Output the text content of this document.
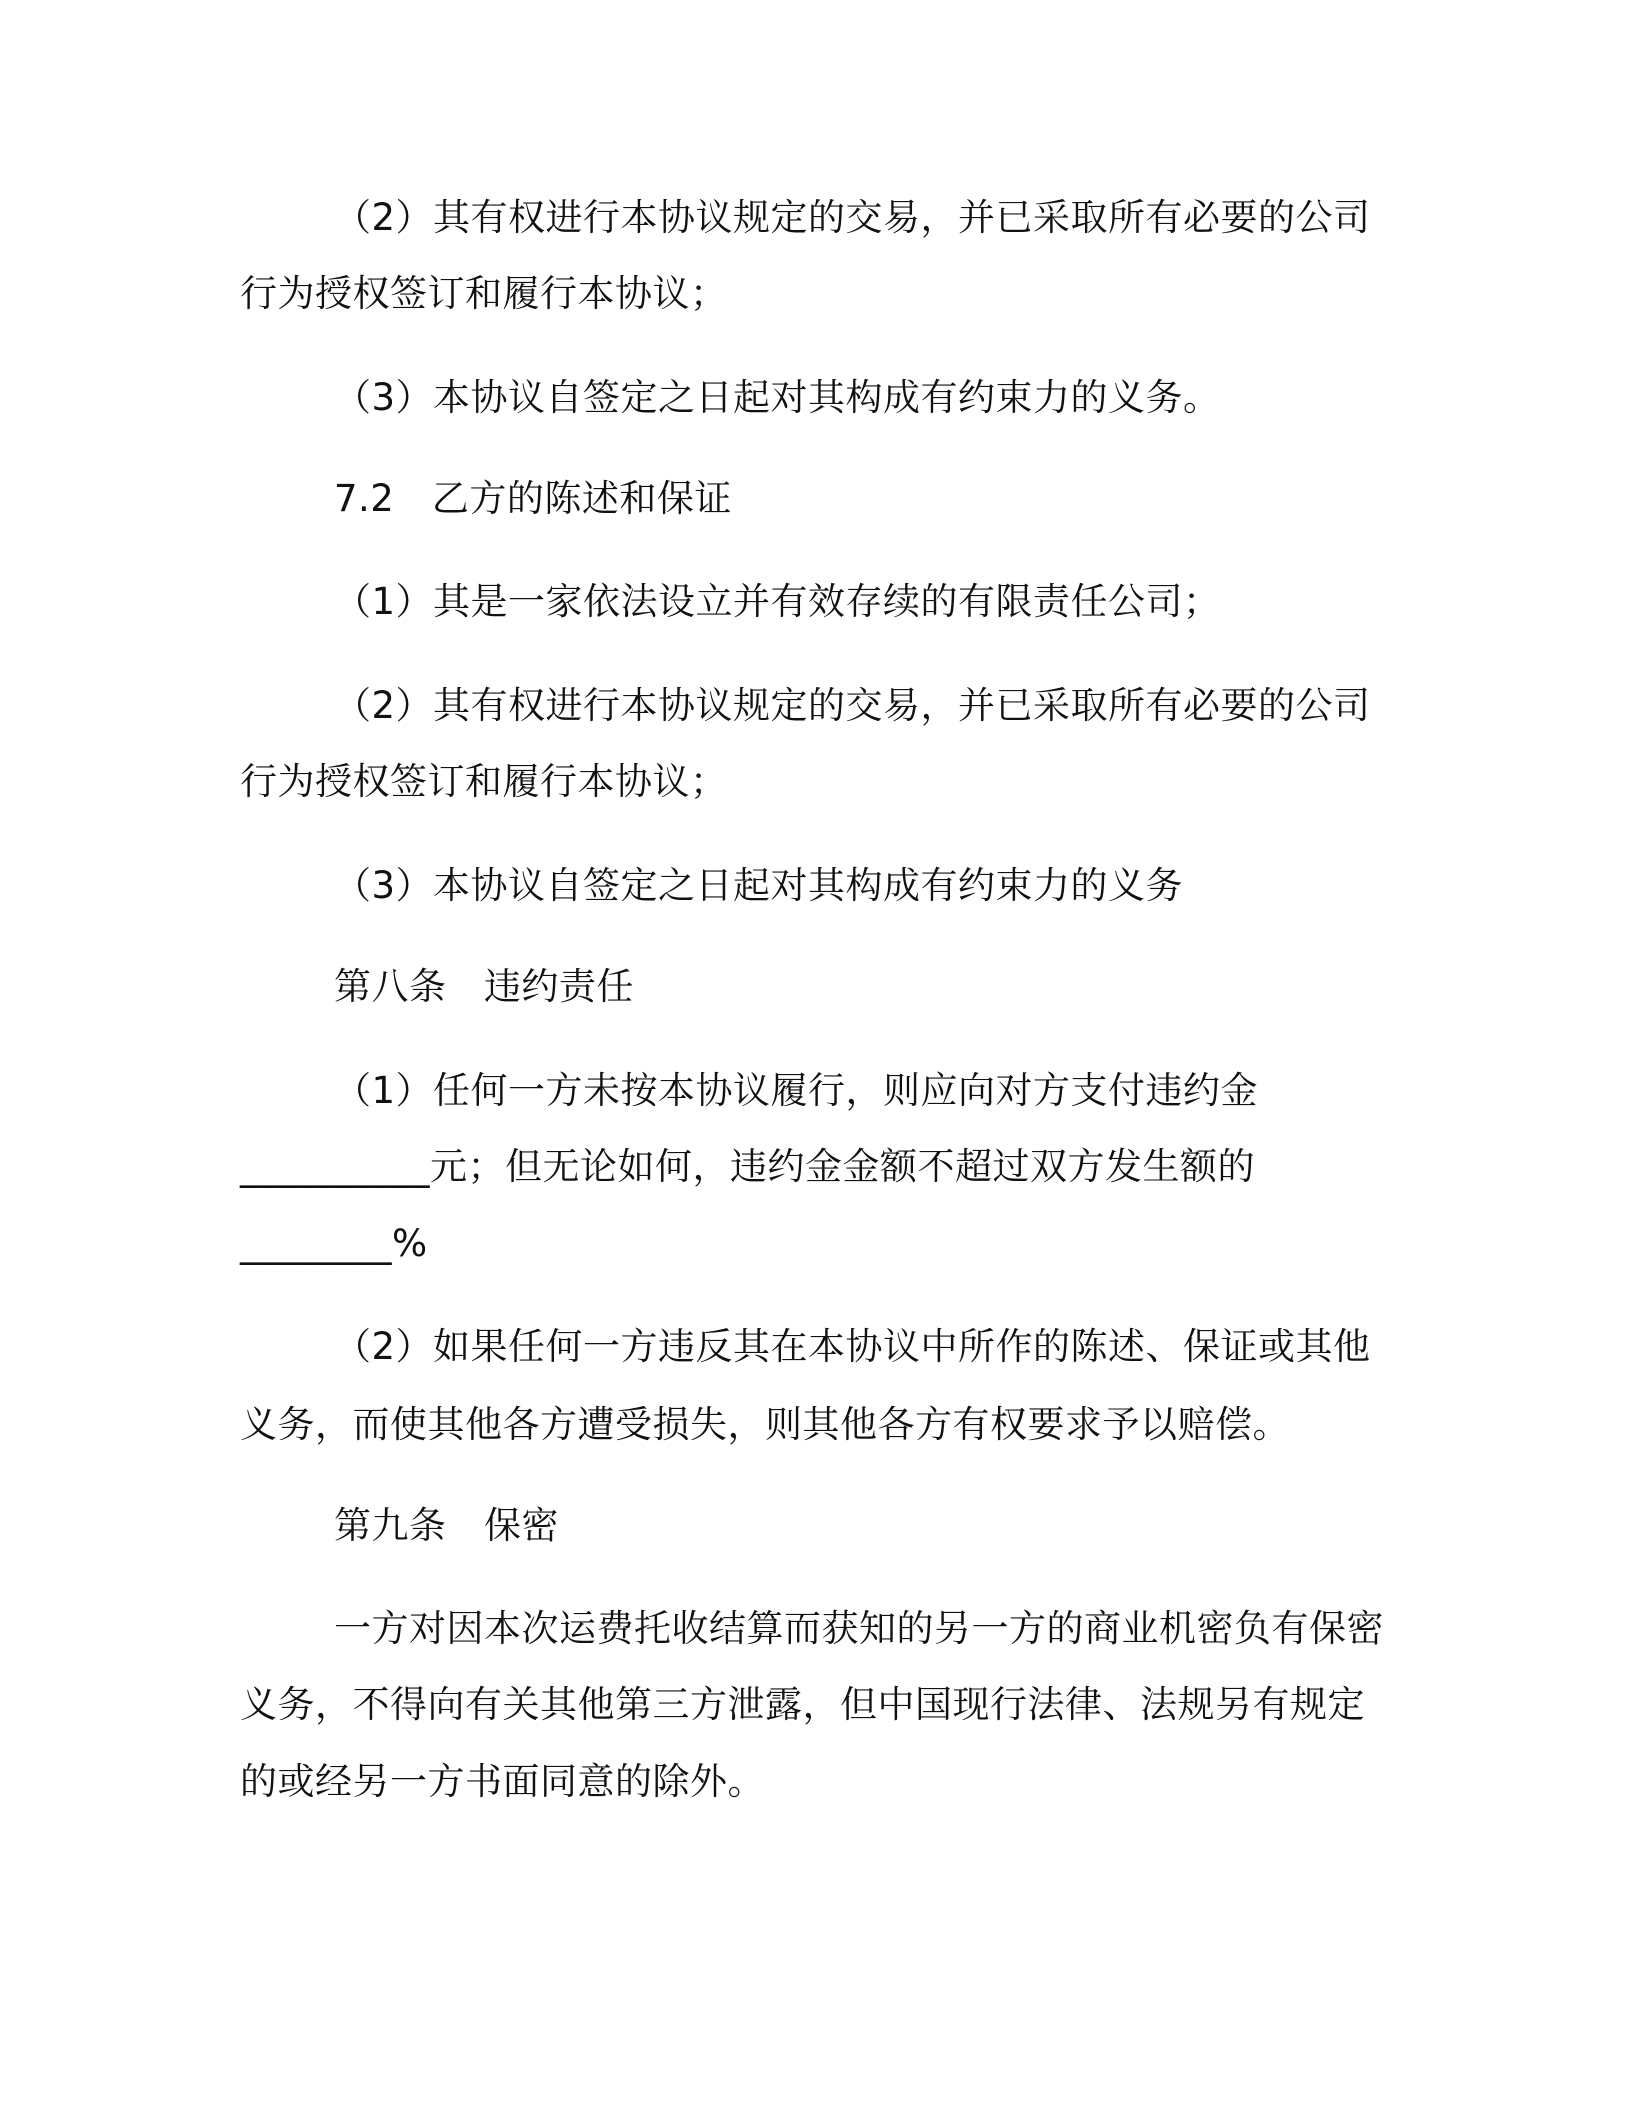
（2）其有权进行本协议规定的交易，并已采取所有必要的公司
行为授权签订和履行本协议；
（3）本协议自签定之日起对其构成有约束力的义务。
7.2　乙方的陈述和保证
（1）其是一家依法设立并有效存续的有限责任公司；
（2）其有权进行本协议规定的交易，并已采取所有必要的公司
行为授权签订和履行本协议；
（3）本协议自签定之日起对其构成有约束力的义务
第八条　违约责任
（1）任何一方未按本协议履行，则应向对方支付违约金
__________元；但无论如何，违约金金额不超过双方发生额的
________%
（2）如果任何一方违反其在本协议中所作的陈述、保证或其他
义务，而使其他各方遭受损失，则其他各方有权要求予以赔偿。
第九条　保密
一方对因本次运费托收结算而获知的另一方的商业机密负有保密
义务，不得向有关其他第三方泄露，但中国现行法律、法规另有规定
的或经另一方书面同意的除外。
